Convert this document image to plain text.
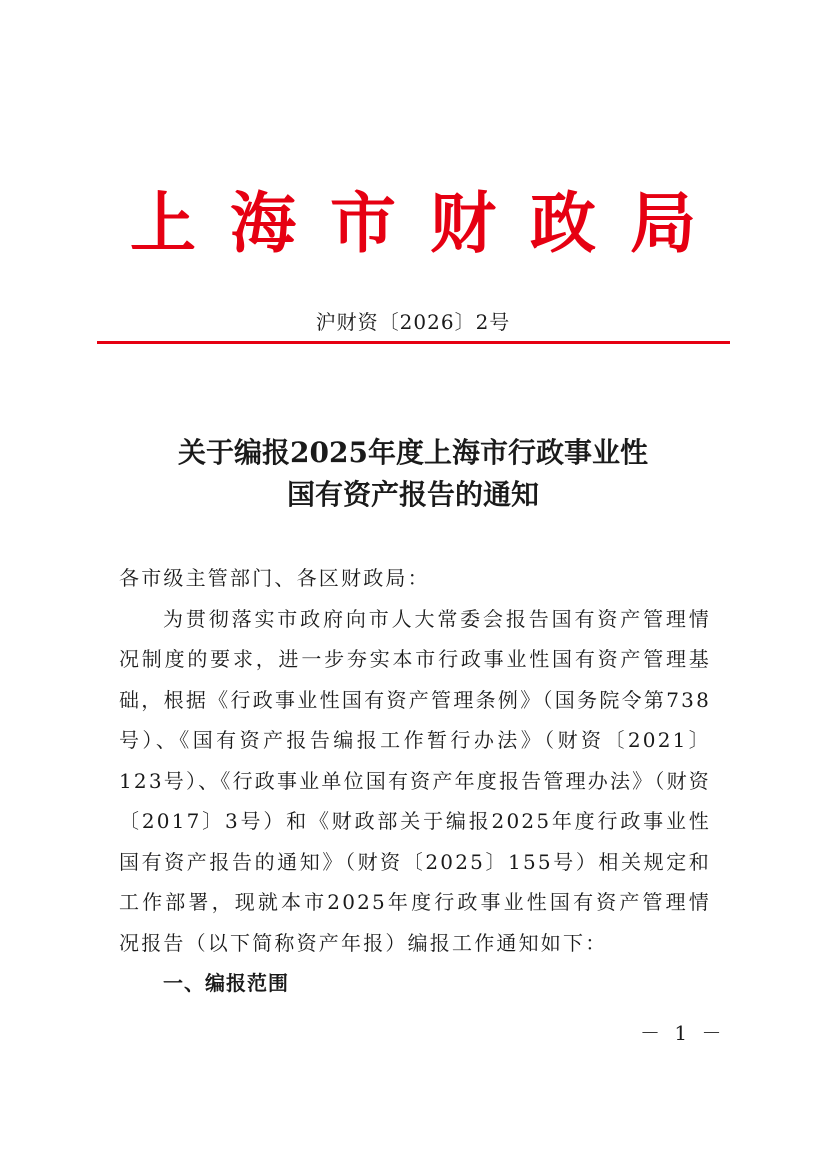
上海市财政局
沪财资〔2026〕2号
关于编报2025年度上海市行政事业性
国有资产报告的通知
各市级主管部门、各区财政局：

为贯彻落实市政府向市人大常委会报告国有资产管理情况制度的要求，进一步夯实本市行政事业性国有资产管理基础，根据《行政事业性国有资产管理条例》（国务院令第738号）、《国有资产报告编报工作暂行办法》（财资〔2021〕123号）、《行政事业单位国有资产年度报告管理办法》（财资〔2017〕3号）和《财政部关于编报2025年度行政事业性国有资产报告的通知》（财资〔2025〕155号）相关规定和工作部署，现就本市2025年度行政事业性国有资产管理情况报告（以下简称资产年报）编报工作通知如下：

一、编报范围
－ 1 －
